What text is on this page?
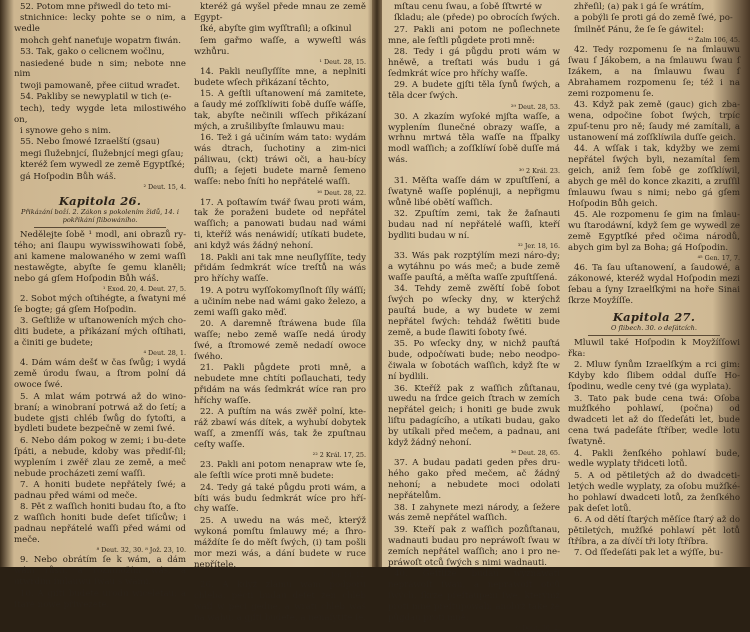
52. Potom mne přiwedl do teto mi-

stnichnice: lecky pohte se o nim, a wedle

mohch gehť naneťuje wopatrn ťiwán.

53. Tak, gako o celicnem wočlnu,

nasiedené bude n sim; nebote nne nim

twoji pamowaně, přee ciitud wraďet.

54. Pakliby se newyplatil w tich (e-

tech), tedy wygde leta milostiwého on,

i synowe geho s nim.

55. Nebo ſmowé Izraelští (gsau)

megi ſlužebnjcí, ſlužebnjcí megi gſau;

kteréž ſem wywedl ze země Egyptſké;

gá Hoſpodin Bůh wáš.

² Deut. 15, 4.

Kapitola 26.

Přikázání boží. 2. Zákon s pokolením židů, 14. i pokřikání ſlibowáního.

Nedělejte ſobě ¹ modl, ani obrazů ry-tého; ani ſlaupu wywisswihowati ſobě, ani kamene malowaného w zemi waſſi nestawěgte, abyſte ſe gemu klaněli; nebo gá gſem Hoſpodin Bůh wáš.

¹ Exod. 20, 4. Deut. 27, 5.

2. Sobot mých oſtihégte, a ſwatyni mé ſe bogte; gá gſem Hoſpodin.

3. Geſtliže w uſtanoweních mých cho-diti budete, a přikázaní mých oſtihati, a činiti ge budete;

⁴ Deut. 28, 1.

4. Dám wám dešť w čas ſwůg; i wydá země úrodu ſwau, a ſtrom polní dá owoce ſwé.

5. A mlat wám potrwá až do wino-braní; a winobraní potrwá až do ſetí; a budete gjsti chléb ſwůg do ſytoſti, a bydleti budete bezpečně w zemi ſwé.

6. Nebo dám pokog w zemi; i bu-dete ſpáti, a nebude, kdoby was přediſ-ſil; wyplením i zwěř zlau ze země, a meč nebude procházeti zemí waſſi.

7. A honiti budete nepřátely ſwé; a padnau před wámi od meče.

8. Pět z waſſich honiti budau ſto, a ſto z waſſich honiti bude deſet tiſícůw; i padnau nepřátelé waſſi před wámi od meče.

⁸ Deut. 32, 30. ⁸ Jož. 23, 10.

9. Nebo obrátím ſe k wám, a dám wám růsti, a rozmnožím wás, a utwrdím ſmlauwu ſwau s wámi.

10. A giſti budete úrodu wiceletau; a ſtaré nowé přiwezete.

kteréž gá wyšel přede mnau ze země Egypt-

ſké, abyſte gim wyſſtraſil; a oſkinul

ſem gařmo waſſe, a wyweſtl wás wzhůru.

¹ Deut. 28, 15.

14. Pakli neuſlyſſíte mne, a neplniti budete wſech přikázaní těchto,

15. A geſtli uſtanowení má zamitete, a ſaudy mé zoſſklíwiti ſobě duſſe wáſſe, tak, abyſte nečinili wſſech přikázaní mých, a zrušilibyſte ſmlauwu mau:

16. Tež i gá učiním wám tato: wydám wás dtrach, ſuchotiny a zim-nici páliwau, (ckt) tráwi oči, a hau-bícy duſſi; a ſejeti budete marně ſemeno waſſe: nebo ſníti ho nepřátelé waſſi.

¹⁶ Deut. 28, 22.

17. A poſtawím twář ſwau proti wám, tak že poraženi budete od nepřátel waſſich; a panowati budau nad wámi ti, kteříž wás nenáwidí; utíkati budete, ani když wás žádný nehoní.

18. Pakli ani tak mne neuſlyſſíte, tedy přidám ſedmkrát wíce treſtů na wás pro hříchy waſſe.

19. A potru wyſſokomyſlnoſt ſíly wáſſí; a učiním nebe nad wámi gako železo, a zemi waſſi gako měď.

20. A daremně ſtráwena bude ſíla waſſe; nebo země waſſe nedá úrody ſwé, a ſtromowé země nedadí owoce ſwého.

21. Pakli půgdete proti mně, a nebudete mne chtíti poſlauchati, tedy přidám na wás ſedmkrát wíce ran pro hříchy waſſe.

22. A puſtím na wás zwěř polní, kte-ráž zbawí wás dítek, a wyhubí dobytek waſſ, a zmenſſí wás, tak že zpuſtnau ceſty waſſe.

²² 2 Král. 17, 25.

23. Pakli ani potom nenapraw wte ſe, ale ſeſtli wíce proti mně budete:

24. Tedy gá také půgdu proti wám, a bíti wás budu ſedmkrát wíce pro hří-chy waſſe.

25. A uwedu na wás meč, kterýž wykoná pomſtu ſmlauwy mé; a ſhro-máždíte ſe do měſt ſwých, (i) tam pošli mor mezi wás, a dání budete w ruce nepřítele.

²⁵ Jer. 14, 12.

26. A když zlámu wám podporu chleba, pécti budau deſet žen chléb waſſ w peci gedné, a wrátí chléb wáš na wáhu; a gjſti budete, a nenaſytíte ſe.

mſtau cenu ſwau, a ſobě ſſtwrté w

ſkladu; ale (přede) po obrocích ſwých.

27. Pakli ani potom ne poſlechnete mne, ale ſeſtli půgdete proti mně:

28. Tedy i gá půgdu proti wám w hněwě, a treſtati wás budu i gá ſedmkrát wíce pro hříchy waſſe.

29. A budete gjſti těla ſynů ſwých, a těla dcer ſwých.

²⁹ Deut. 28, 53.

30. A zkazím wyſoké mjſta waſſe, a wyplením ſlunečné obrazy waſſe, a wrhnu mrtwá těla waſſe na ſſpalky modl waſſich; a zoſſklíwí ſobě duſſe má wás.

³⁰ 2 Král. 23.

31. Měſta waſſe dám w zpuſtſſení, a ſwatyně waſſe poplénuji, a nepřigmu wůně libé obětí waſſich.

32. Zpuſtím zemi, tak že žaſnauti budau nad ní nepřátelé waſſi, kteří bydliti budau w ní.

³² Jer. 18, 16.

33. Wás pak rozptýlím mezi náro-dy; a wytáhnu po wás meč; a bude země waſſe pauſtá, a měſta waſſe zpuſtſſená.

34. Tehdy země zwěſtí ſobě ſobot ſwých po wſecky dny, w kterýchž pauſtá bude, a wy budete w zemi nepřátel ſwých: tehdáž ſwětiti bude země, a bude ſlawiti ſoboty ſwé.

35. Po wſecky dny, w nichž pauſtá bude, odpočíwati bude; nebo neodpo-čiwala w ſobotách waſſich, když ſte w ní bydlili.

36. Kteříž pak z waſſich zůſtanau, uwedu na ſrdce geich ſtrach w zemích nepřátel geich; i honiti ge bude zwuk liſtu padagícího, a utíkati budau, gako by utíkali před mečem, a padnau, ani když žádný nehoní.

³⁶ Deut. 28, 65.

37. A budau padati geden přes dru-hého gako před mečem, ač žádný nehoní; a nebudete moci odolati nepřátelům.

38. I zahynete mezi národy, a ſežere wás země nepřátel waſſich.

39. Kteří pak z waſſich pozůſtanau, wadnauti budau pro nepráwoſt ſwau w zemích nepřátel waſſich; ano i pro ne-práwoſt otců ſwých s nimi wadnauti.

40. Geſtliže budau wyznáwati nepráwoſt ſwau, a nepráwoſt otců ſwých, ſkrze přeſtaupení ſwé, kterýmž proti mně přeſtupowali; anobrž také že půgdau proti mně:

⁴⁰ Deut. 30, 2.

zhřeſil; (a) pak i gá ſe wrátím,

a pobýli ſe proti gá do země ſwé, po-

ſmilněť Pánu, že ſe ſe gáwitel:

⁴² Žalm 106, 45.

42. Tedy rozpomenu ſe na ſmlauwu ſwau ſ Jákobem, a na ſmlauwu ſwau ſ Izákem, a na ſmlauwu ſwau ſ Abrahamem rozpomenu ſe; též i na zemi rozpomenu ſe.

43. Když pak země (gauc) gich zba-wena, odpočine ſobot ſwých, trpíc zpuſ-tenu pro ně; ſaudy mé zamítali, a ustanowení má zoſſklíwila duſſe geich.

44. A wſſak i tak, kdyžby we zemi nepřátel ſwých byli, nezamítal ſem geich, aniž ſem ſobě ge zoſſklíwil, abych ge měl do konce zkaziti, a zruſſil ſmlauwu ſwau s nimi; nebo gá gſem Hoſpodin Bůh geich.

45. Ale rozpomenu ſe gim na ſmlau-wu ſtarodáwní, když ſem ge wywedl ze země Egyptſké před očima národů, abych gim byl za Boha; gá Hoſpodin.

⁴⁵ Gen. 17, 7.

46. Ta ſau uſtanowení, a ſaudowé, a zákonowé, kteréž wydal Hoſpodin mezi ſebau a ſyny Izraelſkými na hoře Sinai ſkrze Moyžíſſe.

Kapitola 27.

O ſlibech. 30. o deſátcích.

Mluwil také Hoſpodin k Moyžíſſowi řka:

2. Mluw ſynům Izraelſkým a rci gim: Kdyby kdo ſlibem oddal duſſe Ho-ſpodinu, wedle ceny tvé (ga wyplata).

3. Tato pak bude cena twá: Oſoba mužſkého pohlawí, (počna) od dwadceti let až do ſſedeſáti let, bude cena twá padeſáte ſtříber, wedle lotu ſwatyně.

4. Pakli ženſkého pohlawí bude, wedle wyplaty třidceti lotů.

5. A od pětiletých až do dwadceti-letých wedle wyplaty, za oſobu mužſké-ho pohlawí dwadceti lotů, za ženſkého pak deſet lotů.

6. A od dětí ſtarých měſíce ſtarý až do pětiletých, mužſké pohlawí pět lotů ſtříbra, a za dívčí tři loty ſtříbra.

7. Od ſſedeſáti pak let a wýſſe, bu-
